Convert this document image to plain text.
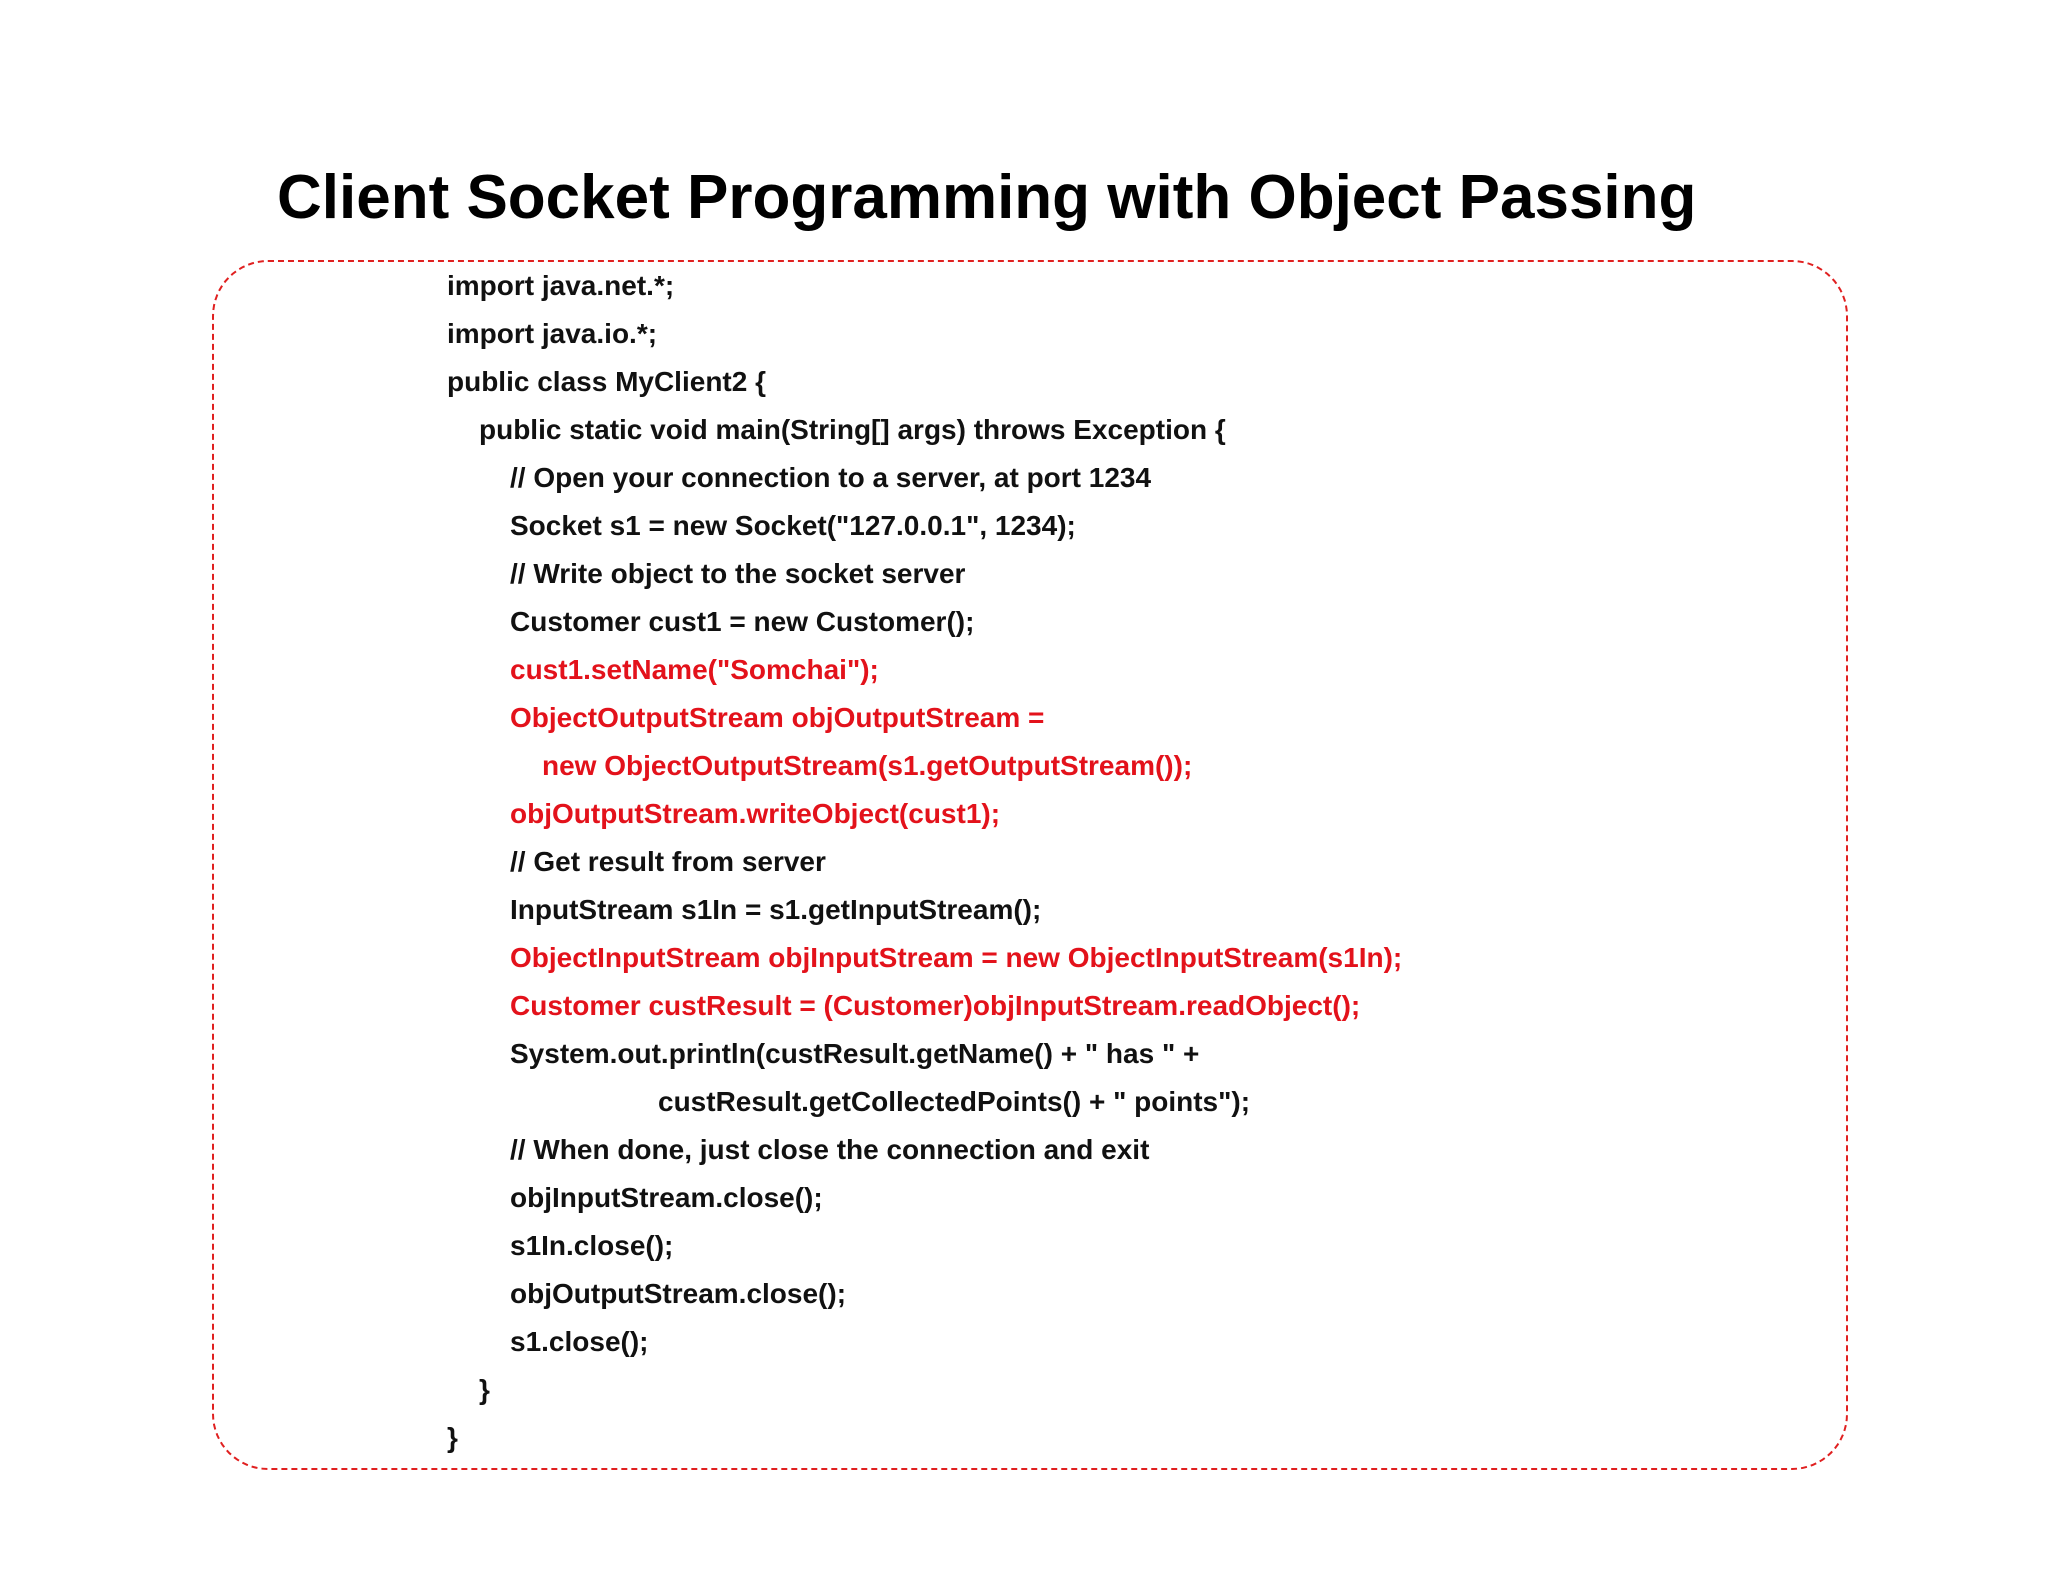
Client Socket Programming with Object Passing
import java.net.*;
import java.io.*;
public class MyClient2 {
public static void main(String[] args) throws Exception {
// Open your connection to a server, at port 1234
Socket s1 = new Socket("127.0.0.1", 1234);
// Write object to the socket server
Customer cust1 = new Customer();
cust1.setName("Somchai");
ObjectOutputStream objOutputStream =
new ObjectOutputStream(s1.getOutputStream());
objOutputStream.writeObject(cust1);
// Get result from server
InputStream s1In = s1.getInputStream();
ObjectInputStream objInputStream = new ObjectInputStream(s1In);
Customer custResult = (Customer)objInputStream.readObject();
System.out.println(custResult.getName() + " has " +
custResult.getCollectedPoints() + " points");
// When done, just close the connection and exit
objInputStream.close();
s1In.close();
objOutputStream.close();
s1.close();
}
}
